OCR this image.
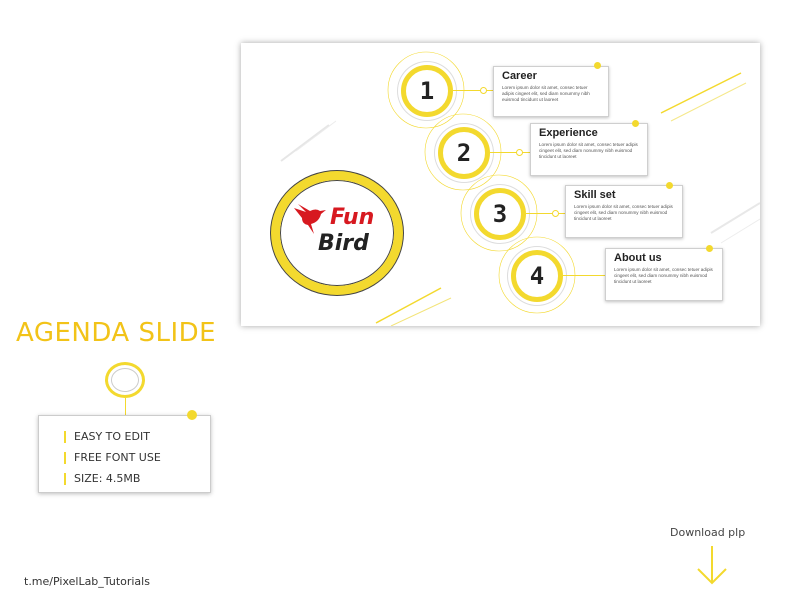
Fun
Bird
1
Career

Lorem ipsum dolor sit amet, consec tetuer adipis cingeet elit, sed diam nonummy nibh euismod tincidunt ut laoreet

2
Experience

Lorem ipsum dolor sit amet, consec tetuer adipis cingeet elit, sed diam nonummy nibh euismod tincidunt ut laoreet

3
Skill set

Lorem ipsum dolor sit amet, consec tetuer adipis cingeet elit, sed diam nonummy nibh euismod tincidunt ut laoreet

4
About us

Lorem ipsum dolor sit amet, consec tetuer adipis cingeet elit, sed diam nonummy nibh euismod tincidunt ut laoreet

AGENDA SLIDE
EASY TO EDIT
FREE FONT USE
SIZE: 4.5MB
Download plp
t.me/PixelLab_Tutorials
